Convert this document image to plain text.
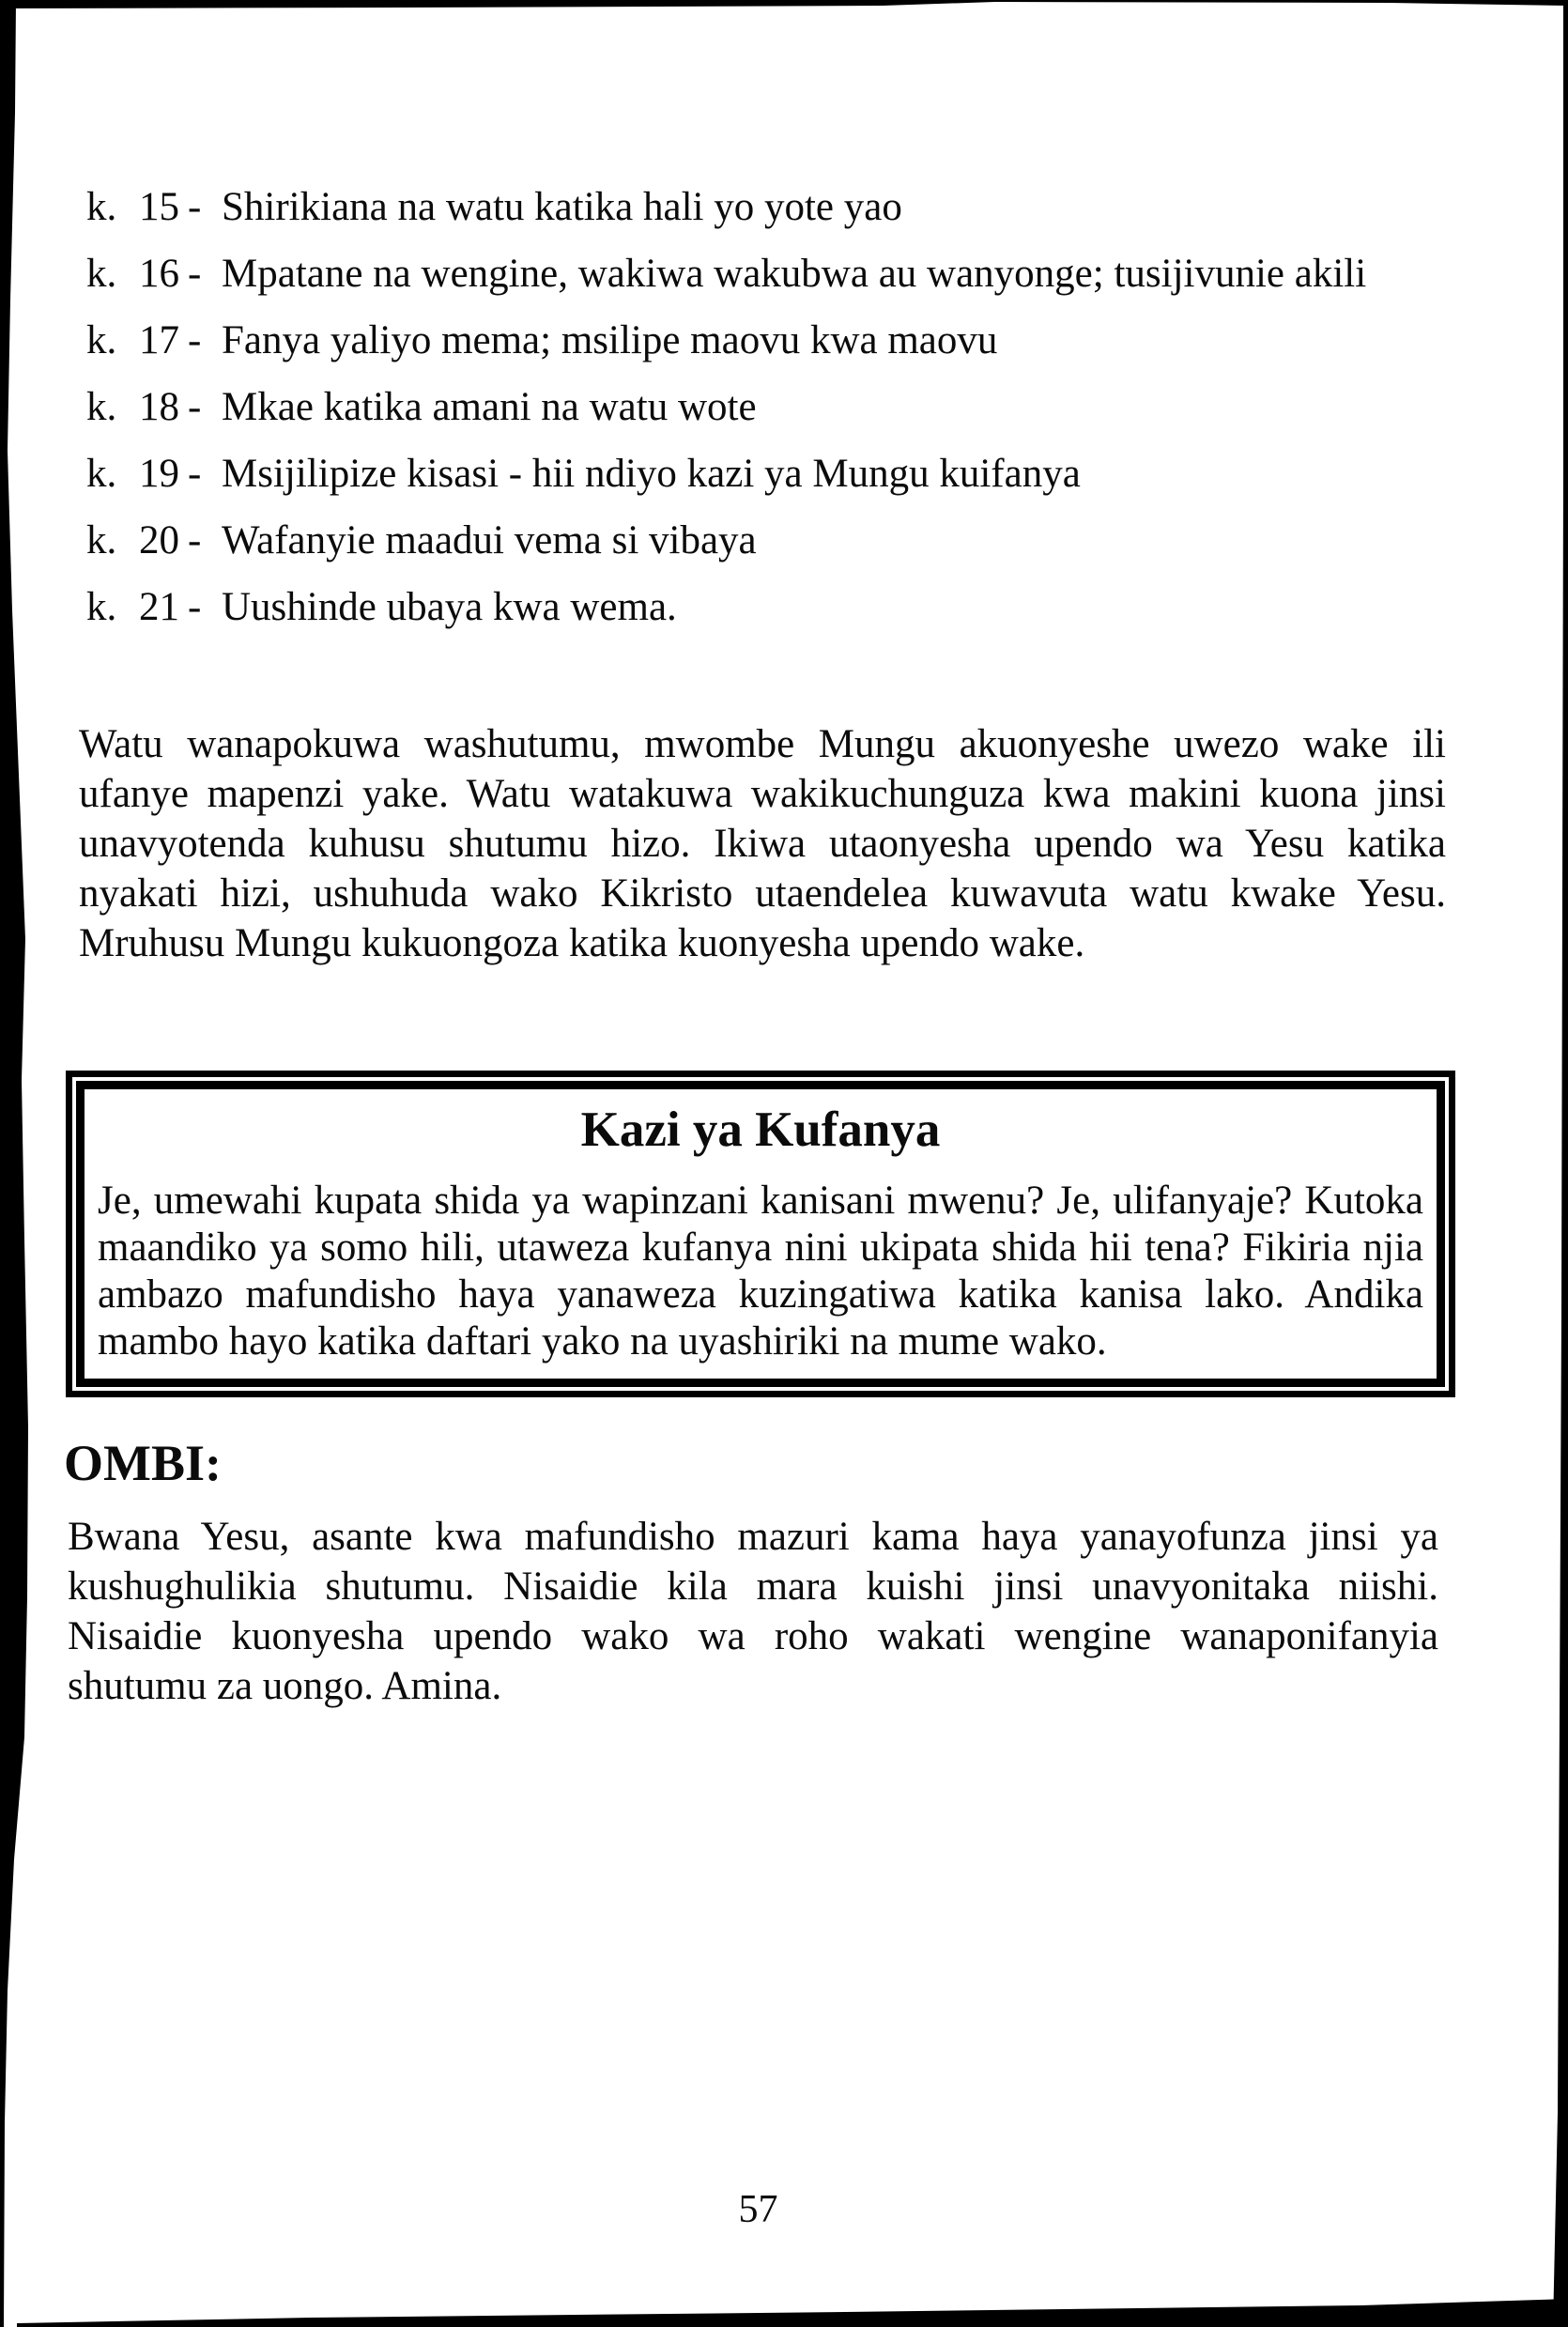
k. 15 - Shirikiana na watu katika hali yo yote yao
k. 16 - Mpatane na wengine, wakiwa wakubwa au wanyonge; tusijivunie akili
k. 17 - Fanya yaliyo mema; msilipe maovu kwa maovu
k. 18 - Mkae katika amani na watu wote
k. 19 - Msijilipize kisasi - hii ndiyo kazi ya Mungu kuifanya
k. 20 - Wafanyie maadui vema si vibaya
k. 21 - Uushinde ubaya kwa wema.
Watu wanapokuwa washutumu, mwombe Mungu akuonyeshe uwezo wake ili
ufanye mapenzi yake. Watu watakuwa wakikuchunguza kwa makini kuona jinsi
unavyotenda kuhusu shutumu hizo. Ikiwa utaonyesha upendo wa Yesu katika
nyakati hizi, ushuhuda wako Kikristo utaendelea kuwavuta watu kwake Yesu.
Mruhusu Mungu kukuongoza katika kuonyesha upendo wake.
Kazi ya Kufanya
Je, umewahi kupata shida ya wapinzani kanisani mwenu? Je, ulifanyaje? Kutoka
maandiko ya somo hili, utaweza kufanya nini ukipata shida hii tena? Fikiria njia
ambazo mafundisho haya yanaweza kuzingatiwa katika kanisa lako. Andika
mambo hayo katika daftari yako na uyashiriki na mume wako.
OMBI:
Bwana Yesu, asante kwa mafundisho mazuri kama haya yanayofunza jinsi ya
kushughulikia shutumu. Nisaidie kila mara kuishi jinsi unavyonitaka niishi.
Nisaidie kuonyesha upendo wako wa roho wakati wengine wanaponifanyia
shutumu za uongo. Amina.
57
